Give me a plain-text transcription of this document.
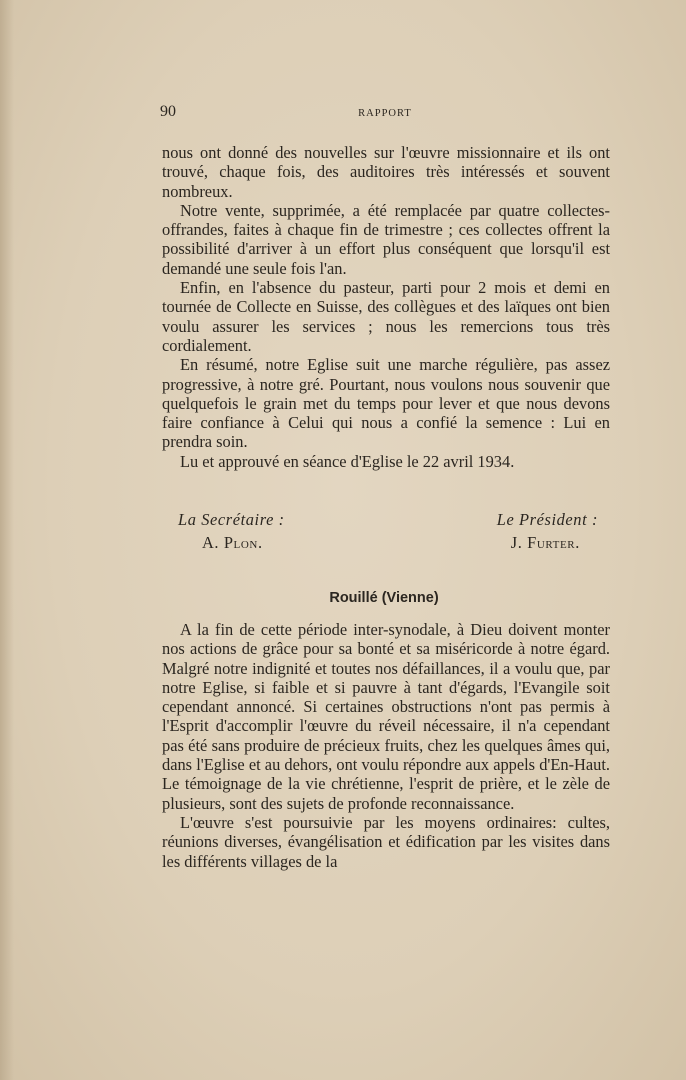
90	RAPPORT

nous ont donné des nouvelles sur l'œuvre missionnaire et ils ont trouvé, chaque fois, des auditoires très intéressés et souvent nombreux.

Notre vente, supprimée, a été remplacée par quatre collectes-offrandes, faites à chaque fin de trimestre ; ces collectes offrent la possibilité d'arriver à un effort plus conséquent que lorsqu'il est demandé une seule fois l'an.

Enfin, en l'absence du pasteur, parti pour 2 mois et demi en tournée de Collecte en Suisse, des collègues et des laïques ont bien voulu assurer les services ; nous les remercions tous très cordialement.

En résumé, notre Eglise suit une marche régulière, pas assez progressive, à notre gré. Pourtant, nous voulons nous souvenir que quelquefois le grain met du temps pour lever et que nous devons faire confiance à Celui qui nous a confié la semence : Lui en prendra soin.

Lu et approuvé en séance d'Eglise le 22 avril 1934.

La Secrétaire :
A. Plon.
Le Président :
J. Furter.
Rouillé (Vienne)

A la fin de cette période inter-synodale, à Dieu doivent monter nos actions de grâce pour sa bonté et sa miséricorde à notre égard. Malgré notre indignité et toutes nos défaillances, il a voulu que, par notre Eglise, si faible et si pauvre à tant d'égards, l'Evangile soit cependant annoncé. Si certaines obstructions n'ont pas permis à l'Esprit d'accomplir l'œuvre du réveil nécessaire, il n'a cependant pas été sans produire de précieux fruits, chez les quelques âmes qui, dans l'Eglise et au dehors, ont voulu répondre aux appels d'En-Haut. Le témoignage de la vie chrétienne, l'esprit de prière, et le zèle de plusieurs, sont des sujets de profonde reconnaissance.

L'œuvre s'est poursuivie par les moyens ordinaires: cultes, réunions diverses, évangélisation et édification par les visites dans les différents villages de la
